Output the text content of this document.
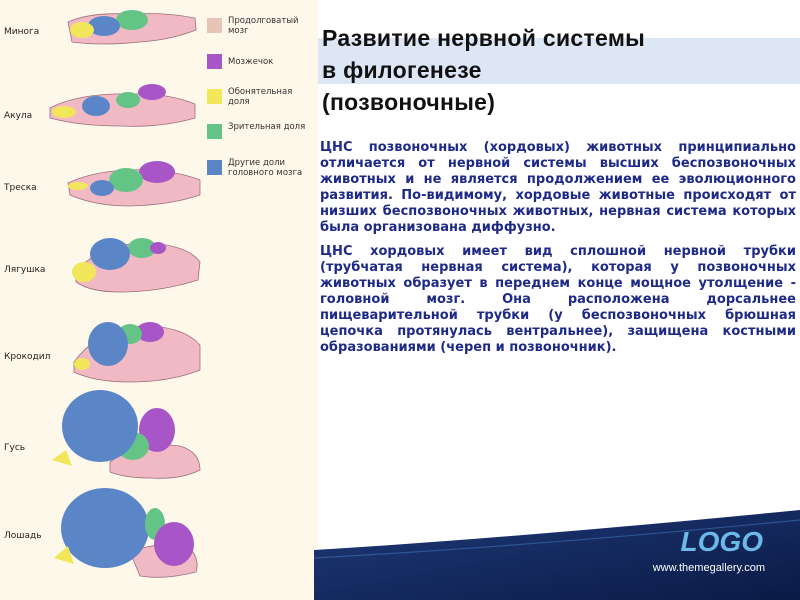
Минога
Акула
Треска
Лягушка
Крокодил
Гусь
Лошадь
Продолговатый мозг
Мозжечок
Обонятельная доля
Зрительная доля
Другие доли головного мозга
Развитие нервной системы
в филогенезе
(позвоночные)

ЦНС позвоночных (хордовых) животных принципиально отличается от нервной системы высших беспозвоночных животных и не является продолжением ее эволюционного развития. По-видимому, хордовые животные происходят от низших беспозвоночных животных, нервная система которых была организована диффузно.

ЦНС хордовых имеет вид сплошной нервной трубки (трубчатая нервная система), которая у позвоночных животных образует в переднем конце мощное утолщение - головной мозг. Она расположена дорсальнее пищеварительной трубки (у беспозвоночных брюшная цепочка протянулась вентральнее), защищена костными образованиями (череп и позвоночник).

LOGO
www.themegallery.com
